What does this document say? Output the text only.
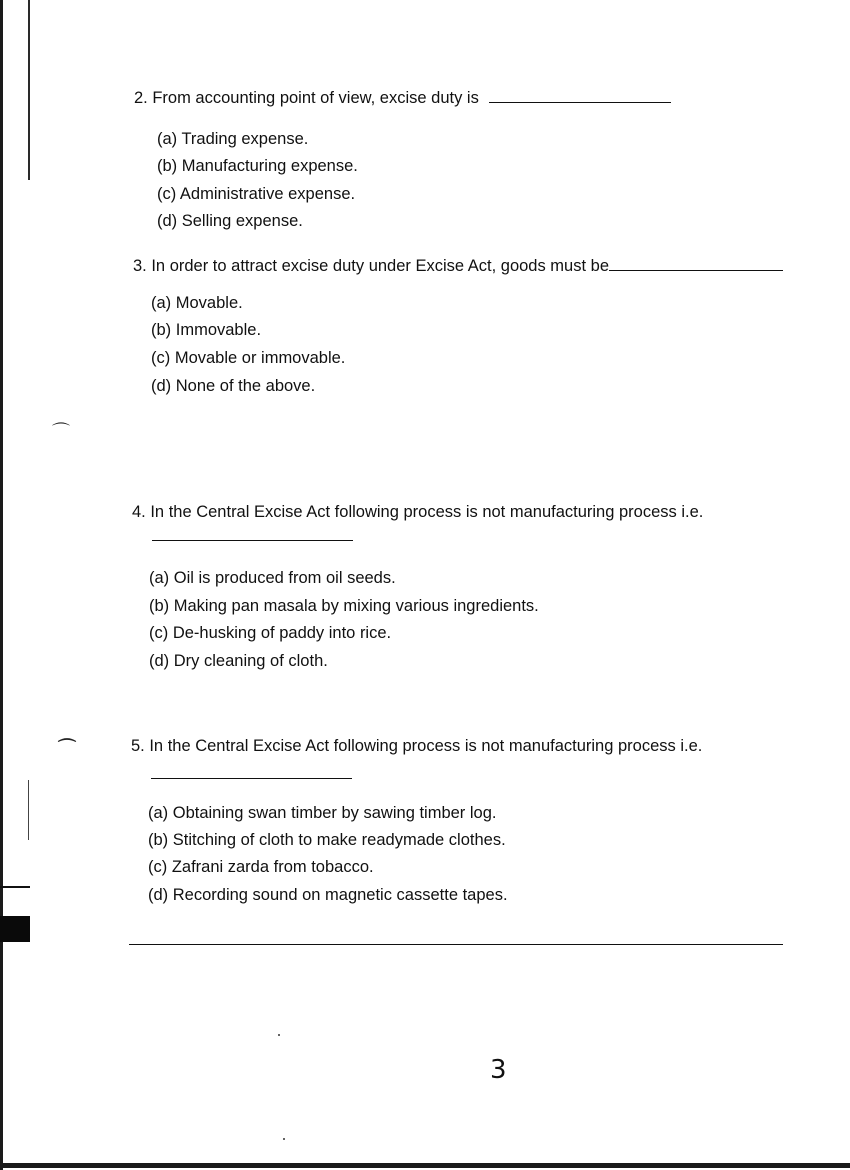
⌒
⌒
2. From accounting point of view, excise duty is
(a) Trading expense.
(b) Manufacturing expense.
(c) Administrative expense.
(d) Selling expense.
3. In order to attract excise duty under Excise Act, goods must be
(a) Movable.
(b) Immovable.
(c) Movable or immovable.
(d) None of the above.
4. In the Central Excise Act following process is not manufacturing process i.e.
(a) Oil is produced from oil seeds.
(b) Making pan masala by mixing various ingredients.
(c) De-husking of paddy into rice.
(d) Dry cleaning of cloth.
5. In the Central Excise Act following process is not manufacturing process i.e.
(a) Obtaining swan timber by sawing timber log.
(b) Stitching of cloth to make readymade clothes.
(c) Zafrani zarda from tobacco.
(d) Recording sound on magnetic cassette tapes.
3
